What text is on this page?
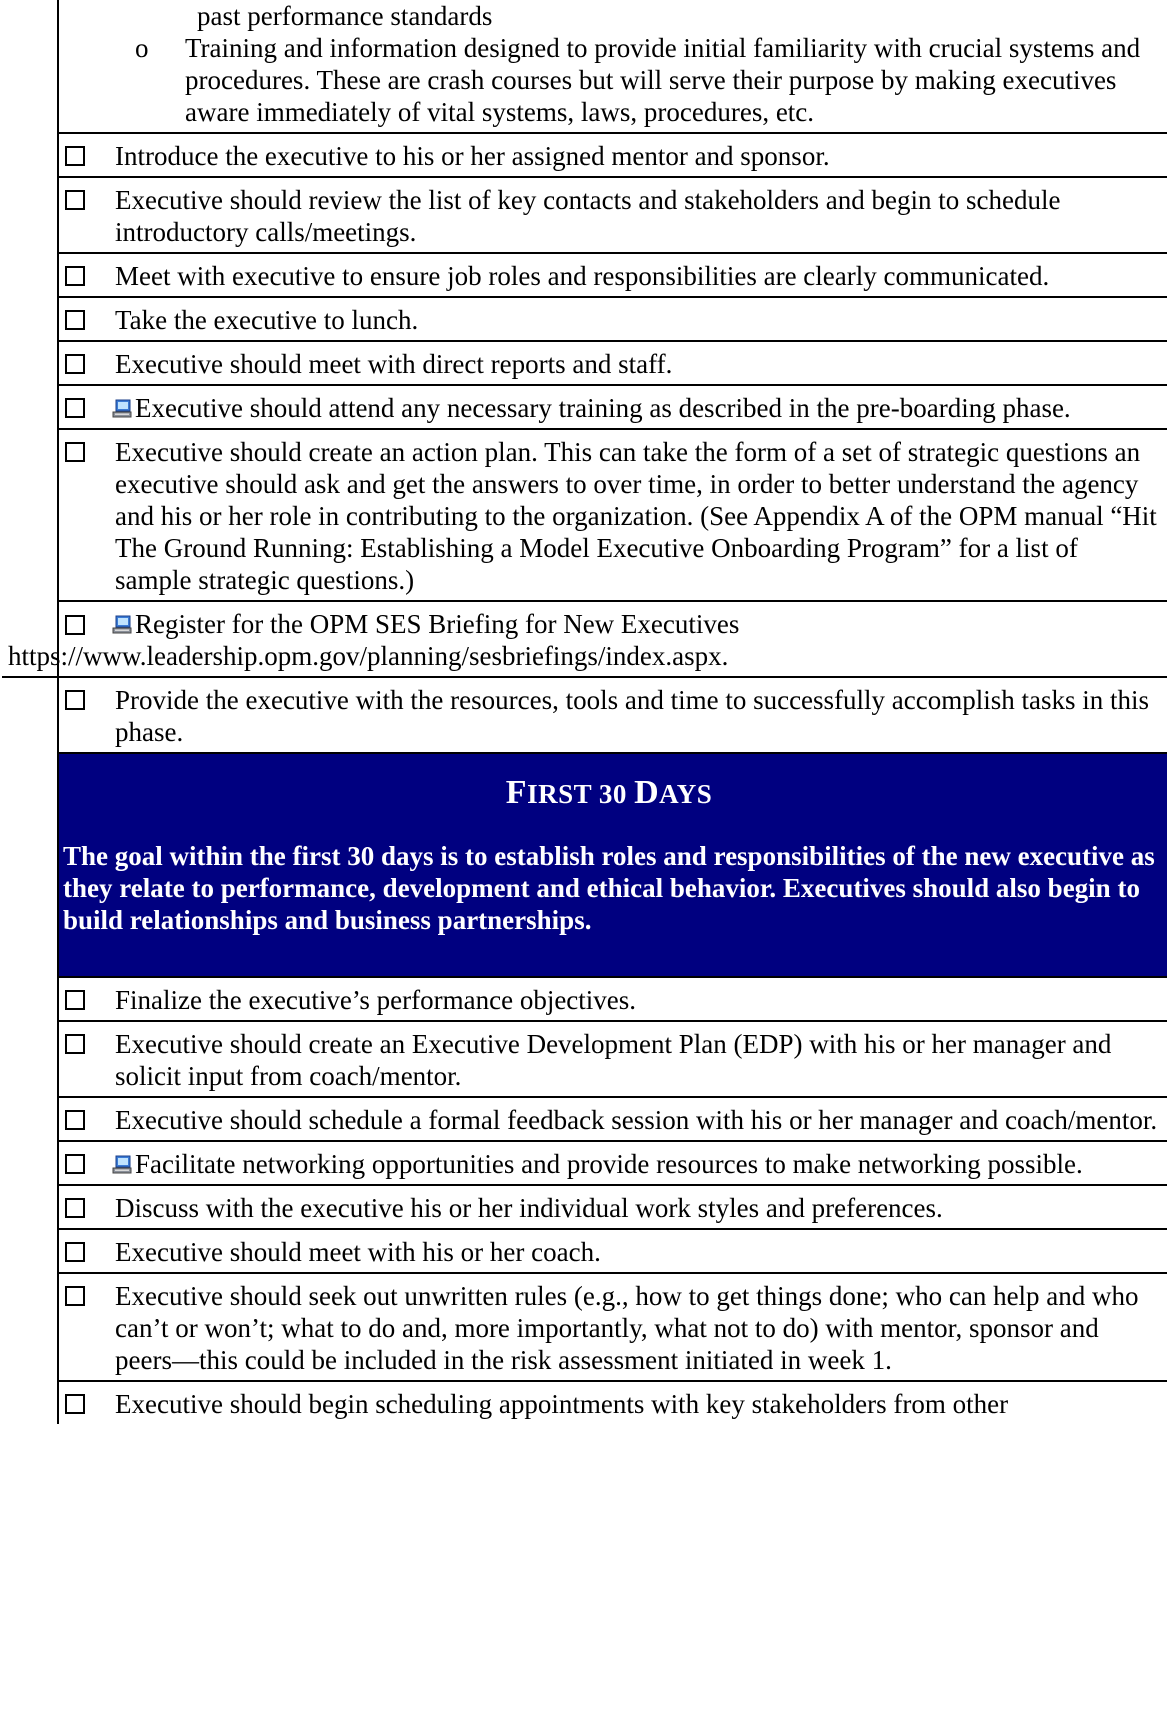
past performance standards
o	Training and information designed to provide initial familiarity with crucial systems and procedures. These are crash courses but will serve their purpose by making executives aware immediately of vital systems, laws, procedures, etc.
Introduce the executive to his or her assigned mentor and sponsor.
Executive should review the list of key contacts and stakeholders and begin to schedule introductory calls/meetings.
Meet with executive to ensure job roles and responsibilities are clearly communicated.
Take the executive to lunch.
Executive should meet with direct reports and staff.
Executive should attend any necessary training as described in the pre-boarding phase.
Executive should create an action plan. This can take the form of a set of strategic questions an executive should ask and get the answers to over time, in order to better understand the agency and his or her role in contributing to the organization. (See Appendix A of the OPM manual “Hit The Ground Running: Establishing a Model Executive Onboarding Program” for a list of sample strategic questions.)
Register for the OPM SES Briefing for New Executives
https://www.leadership.opm.gov/planning/sesbriefings/index.aspx.
Provide the executive with the resources, tools and time to successfully accomplish tasks in this phase.
FIRST 30 DAYS
The goal within the first 30 days is to establish roles and responsibilities of the new executive as they relate to performance, development and ethical behavior. Executives should also begin to build relationships and business partnerships.
Finalize the executive’s performance objectives.
Executive should create an Executive Development Plan (EDP) with his or her manager and solicit input from coach/mentor.
Executive should schedule a formal feedback session with his or her manager and coach/mentor.
Facilitate networking opportunities and provide resources to make networking possible.
Discuss with the executive his or her individual work styles and preferences.
Executive should meet with his or her coach.
Executive should seek out unwritten rules (e.g., how to get things done; who can help and who can’t or won’t; what to do and, more importantly, what not to do) with mentor, sponsor and peers—this could be included in the risk assessment initiated in week 1.
Executive should begin scheduling appointments with key stakeholders from other
